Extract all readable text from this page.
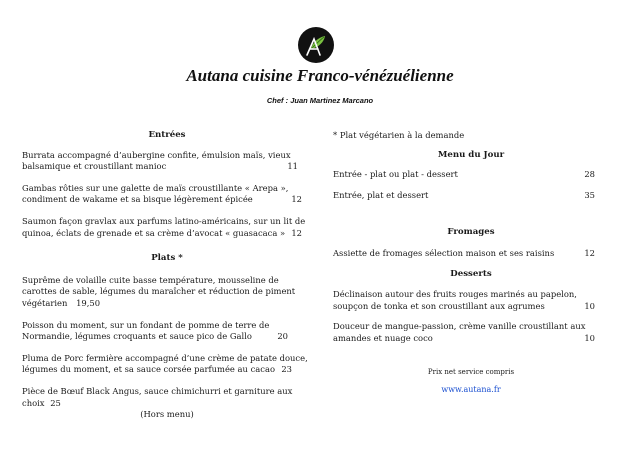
Autana cuisine Franco-vénézuélienne
Chef : Juan Martinez Marcano
Entrées
Burrata accompagné d’aubergine confite, émulsion maïs, vieux balsamique et croustillant manioc	11
Gambas rôties sur une galette de maïs croustillante « Arepa », condiment de wakame et sa bisque légèrement épicée	12
Saumon façon gravlax aux parfums latino-américains, sur un lit de quinoa, éclats de grenade et sa crème d’avocat « guasacaca » 12
Plats *
Suprême de volaille cuite basse température, mousseline de carottes de sable, légumes du maraîcher et réduction de piment végétarien 19,50
Poisson du moment, sur un fondant de pomme de terre de Normandie, légumes croquants et sauce pico de Gallo	20
Pluma de Porc fermière accompagné d’une crème de patate douce, légumes du moment, et sa sauce corsée parfumée au cacao 23
Pièce de Bœuf Black Angus, sauce chimichurri et garniture aux choix 25
(Hors menu)
* Plat végétarien à la demande
Menu du Jour
Entrée - plat ou plat - dessert	28
Entrée, plat et dessert	35
Fromages
Assiette de fromages sélection maison et ses raisins	12
Desserts
Déclinaison autour des fruits rouges marinés au papelon, soupçon de tonka et son croustillant aux agrumes	10
Douceur de mangue-passion, crème vanille croustillant aux amandes et nuage coco	10
Prix net service compris
www.autana.fr
